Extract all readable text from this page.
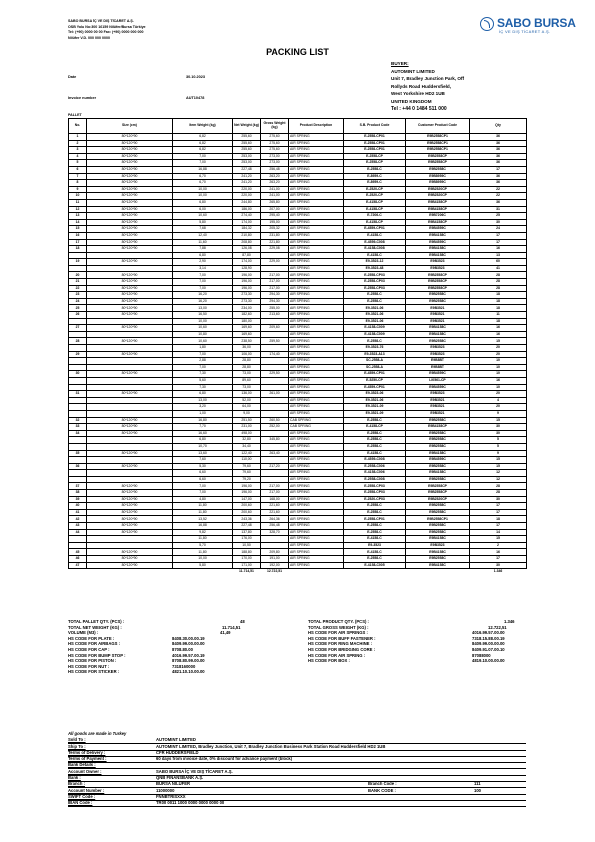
SABO BURSA İÇ VE DIŞ TİCARET A.Ş.
OSB Yolu No:300 16159 Nilüfer/Bursa Türkiye
Tel: (+90) 0000 00 00 Fax: (+90) 0000 000 000
Nilüfer V.D. 000 000 0000
SABO BURSA
İÇ VE DIŞ TİCARET A.Ş.
PACKING LIST
Date	30.10.2023
Invoice number	AUT10478
BUYER:
AUTOMINT LIMITED
Unit 7, Bradley Junction Park, Off
Rollyds Road Huddersfield,
West Yorkshire HD2 1UB
UNITED KINGDOM
Tel : +44 0 1484 511 000
PALLET
No.	Size (cm)	Item Weight (kg)	Net Weight (kg)	Gross Weight (kg)	Product Description	S.B. Product Code	Customer Product Code	Qty
1	80*120*90	6,82	255,60	275,60	AIR SPRING	E-2558-CP01	E9B2558CP1	36
2	80*120*90	6,82	255,60	275,60	AIR SPRING	E-2558-CP01	E9B2558CP1	36
3	80*120*90	6,82	255,60	275,60	AIR SPRING	E-2558-CP01	E9B2558CP1	36
4	80*120*90	7,00	253,00	273,00	AIR SPRING	E-2558-CP	E9B2558CP	36
5	80*120*90	7,00	253,00	273,00	AIR SPRING	E-2558-CP	E9B2558CP	36
6	80*120*90	16,88	227,48	256,48	AIR SPRING	E-2558-C	E9B2558C	17
7	80*120*90	6,70	241,20	263,20	AIR SPRING	E-8959-C	E9B8959C	36
8	80*120*90	6,70	241,20	263,20	AIR SPRING	E-8959-C	E9B8959C	36
9	80*120*90	10,00	220,00	241,00	AIR SPRING	E-2520-CP	E9B2520CP	22
10	80*120*90	10,00	220,00	241,00	AIR SPRING	E-2520-CP	E9B2520CP	22
11	80*120*90	6,80	244,80	265,80	AIR SPRING	E-4158-CP	E9B4158CP	36
12	80*120*90	6,00	186,00	207,00	AIR SPRING	E-4158-CP	E9B4158CP	31
13	80*120*90	10,60	274,40	295,40	AIR SPRING	E-7206-C	E9B7206C	25
14	80*120*90	5,80	174,00	195,00	AIR SPRING	E-4158-CP	E9B4158CP	30
15	80*120*90	7,68	184,32	205,32	AIR SPRING	E-4559-CP01	E9B4559C	24
16	80*120*90	12,40	210,80	231,80	AIR SPRING	E-4158-C	E9B4158C	17
17	80*120*90	11,60	208,80	221,80	AIR SPRING	E-4559-C008	E9B4559C	17
18	80*120*90	7,88	126,08	229,08	AIR SPRING	E-4158-C008	E9B4158C	16
		6,80	87,80		AIR SPRING	E-4158-C	E9B4158C	13
19	80*120*90	2,90	174,00	229,00	AIR SPRING	E9-3523-12	E9B3523	60
		3,14	128,90		AIR SPRING	E9-3523-48	E9B3523	41
20	80*120*90	7,00	196,00	217,00	AIR SPRING	E-2558-CP03	E9B2558CP	28
21	80*120*90	7,00	196,00	217,00	AIR SPRING	E-2558-CP03	E9B2558CP	28
22	80*120*90	7,00	196,00	217,00	AIR SPRING	E-2558-CP03	E9B2558CP	28
23	80*120*90	16,20	273,30	294,30	AIR SPRING	E-2558-C	E9B2558C	18
24	80*120*90	16,20	273,30	294,30	AIR SPRING	E-2558-C	E9B2558C	18
25	80*120*90	13,00	234,00	255,00	AIR SPRING	E9-3521-06	E9B3521	18
26	80*120*90	16,50	182,60	213,60	AIR SPRING	E9-3521-06	E9B3521	11
		10,00	180,00		AIR SPRING	E9-3521-06	E9B3521	18
27	80*120*90	10,60	169,60	209,60	AIR SPRING	E-4158-C009	E9B4158C	16
		10,80	169,60		AIR SPRING	E-4158-C009	E9B4158C	16
28	80*120*90	10,60	238,50	259,50	AIR SPRING	E-2558-C	E9B2558C	15
		1,80	36,00		AIR SPRING	E9-3523-76	E9B3523	20
29	80*120*90	7,00	106,00	174,40	AIR SPRING	E9-3523-A13	E9B3523	20
		2,88	28,80		AIR SPRING	SC-2558-A	E9B8BT	10
		7,00	28,80		AIR SPRING	SC-2558-A	E9B8BT	10
30	80*120*90	7,30	73,00	229,50	AIR SPRING	E-4559-CP01	E9B4559C	10
		5,60	89,60		AIR SPRING	E-5250-CP	LI0561-CP	16
		7,30	73,00		AIR SPRING	E-4559-CP01	E9B4559C	10
31	80*120*90	6,80	136,00	261,00	AIR SPRING	E9-3523-06	E9B3523	20
		13,00	52,00		AIR SPRING	E9-3521-06	E9B3521	4
		3,20	64,00		AIR SPRING	E9-3521-09	E9B3521	20
		1,00	9,00		AIR SPRING	E9-3521-09	E9B3521	9
32	80*120*90	16,80	251,50	260,50	CAB SPRING	E-2558-C	E9B2558C	15
33	80*120*90	7,70	231,00	252,00	CAB SPRING	E-4158-CP	E9B4158CP	30
34	80*120*90	16,60	498,00		AIR SPRING	E-2558-C	E9B2558C	30
		6,80	32,80	345,80	AIR SPRING	E-2558-C	E9B2558C	5
		10,70	34,40		AIR SPRING	E-2558-C	E9B2558C	5
35	80*120*90	13,60	122,40	263,40	AIR SPRING	E-4158-C	E9B4158C	9
		7,60	110,00		AIR SPRING	E-4559-C008	E9B4559C	15
36	80*120*90	5,30	79,60	217,20	AIR SPRING	E-2558-C006	E9B2558C	15
		6,60	79,60		AIR SPRING	E-4158-C006	E9B4158C	12
		6,60	79,20		AIR SPRING	E-2558-C008	E9B2558C	12
37	80*120*90	7,00	196,00	217,00	AIR SPRING	E-2558-CP03	E9B2558CP	28
38	80*120*90	7,00	196,00	217,00	AIR SPRING	E-2558-CP03	E9B2558CP	28
39	80*120*90	4,80	147,00	168,00	AIR SPRING	E-2520-CP03	E9B2520CP	30
40	80*120*90	11,80	200,60	221,60	AIR SPRING	E-2558-C	E9B2558C	17
41	80*120*90	11,80	200,60	221,60	AIR SPRING	E-2558-C	E9B2558C	17
42	80*120*90	13,52	243,36	264,36	AIR SPRING	E-2558-CP01	E9B2558CP1	18
43	80*120*90	16,88	227,48	256,48	AIR SPRING	E-2558-C	E9B2558C	17
44	80*120*90	9,82	137,80	328,70	AIR SPRING	E-2558-C	E9B2558C	14
		11,80	176,00		AIR SPRING	E-4158-C	E9B4158C	15
		5,70	10,50		AIR SPRING	E9-3523	E9B3523	2
45	80*120*90	11,80	188,80	209,80	AIR SPRING	E-4158-C	E9B4158C	16
46	80*120*90	10,00	170,00	191,00	AIR SPRING	E-2558-C	E9B2558C	17
47	80*120*90	5,80	171,00	192,00	AIR SPRING	E-4158-C005	E9B4158C	30
			11.714,51	12.722,51				1.346
TOTAL PALLET QTY. (PCS) :	48	TOTAL PRODUCT QTY. (PCS) :	1.346
TOTAL NET WEIGHT (KG) :	11.714,51	TOTAL GROSS WEIGHT (KG) :	12.722,51
VOLUME (M3) :	41,49	HS CODE FOR AIR SPRINGS :	4016.99.57.00.00
HS CODE FOR PLATE :	8408.30.00.00.19	HS CODE FOR BUFF FASTENER :	7318.15.88.00.19
HS CODE FOR AIRBAGS :	8409.99.00.00.00	HS CODE FOR RING MACHINE :	8409.99.00.00.00
HS CODE FOR CAP :	8708.80.00	HS CODE FOR BRIDGING CORE :	8409.91.07.00.10
HS CODE FOR BUMP STOP :	4016.99.57.00.19	HS CODE FOR AIR SPRING :	87088000
HS CODE FOR PISTON :	8708.80.99.00.00	HS CODE FOR BOX :	4819.10.00.00.00
HS CODE FOR NUT :	7318160000
HS CODE FOR STICKER :	4821.10.10.00.00
All goods are made in Turkey
Sold To :	AUTOMINT LIMITED
Ship To :	AUTOMINT LIMITED, Bradley Junction, Unit 7, Bradley Junction Business Park Station Road Huddersfield HD2 1UB
Terms of Delivery :	CFR HUDDERSFIELD
Terms of Payment :	60 days from invoice date, 0% discount for advance payment (block)
Bank Details :
Account Owner :	SABO BURSA İÇ VE DIŞ TİCARET A.Ş.
Bank :	QNB FINANSBANK A.Ş.
Branch :	BURSA NİLÜFER	Branch Code :	111
Account Number :	11000000	BANK CODE :	100
SWIFT Code :	FNNBTRISXXX
IBAN Code :	TR00 0011 1000 0000 0000 0000 00
